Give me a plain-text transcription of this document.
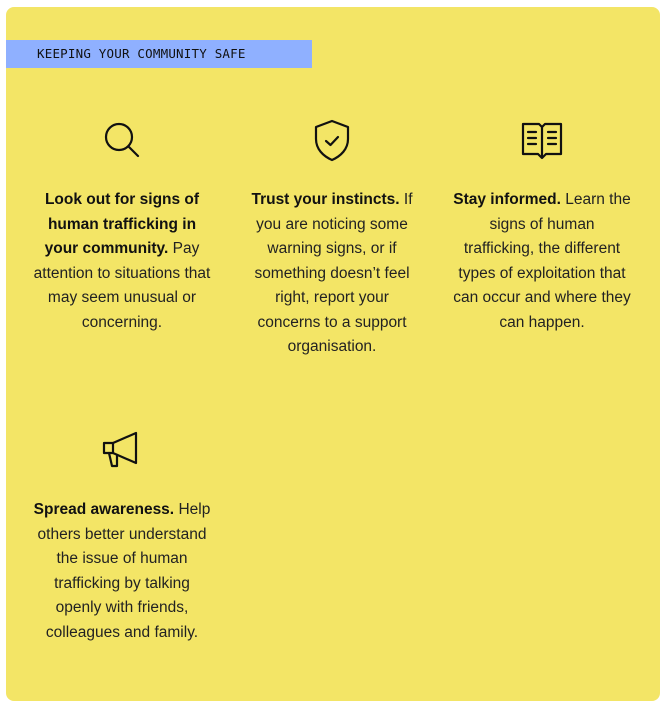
KEEPING YOUR COMMUNITY SAFE

Look out for signs of human trafficking in your community. Pay attention to situations that may seem unusual or concerning.

Trust your instincts. If you are noticing some warning signs, or if something doesn’t feel right, report your concerns to a support organisation.

Stay informed. Learn the signs of human trafficking, the different types of exploitation that can occur and where they can happen.

Spread awareness. Help others better understand the issue of human trafficking by talking openly with friends, colleagues and family.
